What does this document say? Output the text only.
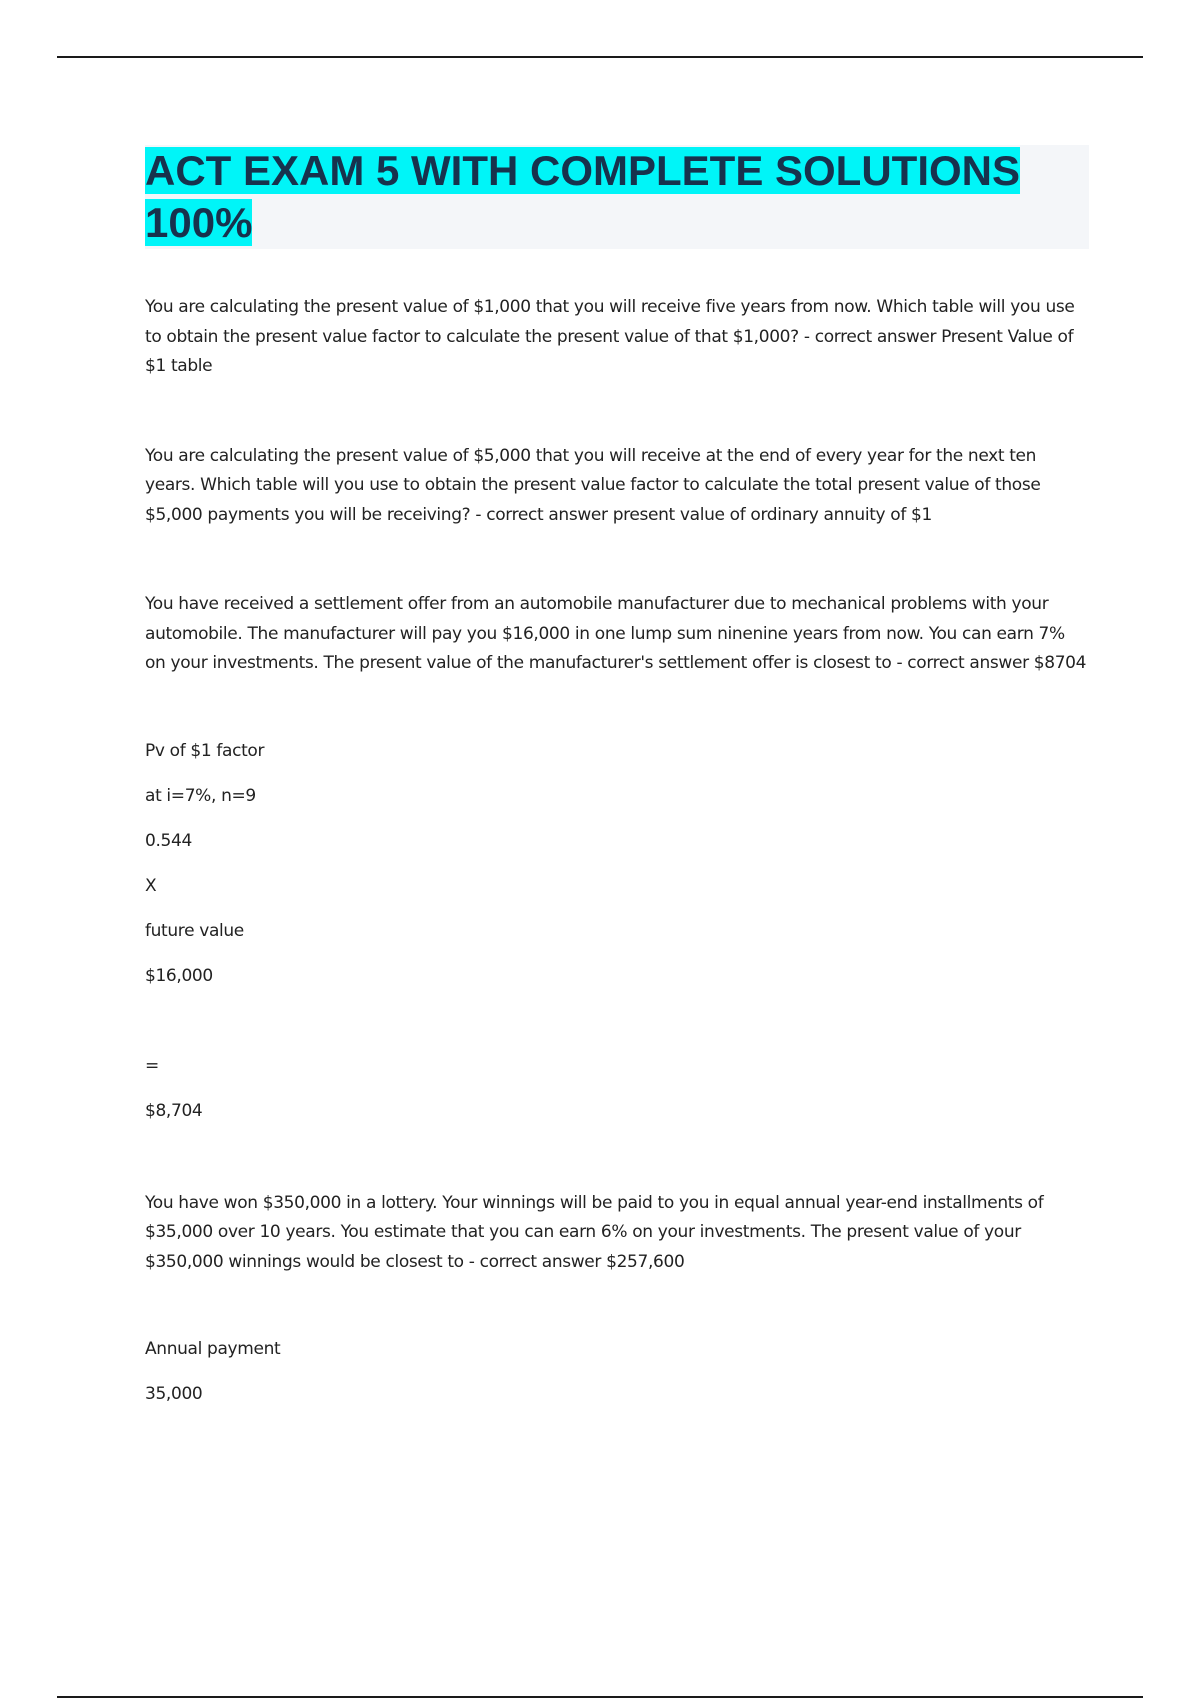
ACT EXAM 5 WITH COMPLETE SOLUTIONS 100%

You are calculating the present value of $1,000 that you will receive five years from now. Which table will you use to obtain the present value factor to calculate the present value of that $1,000? - correct answer Present Value of $1 table

You are calculating the present value of $5,000 that you will receive at the end of every year for the next ten years. Which table will you use to obtain the present value factor to calculate the total present value of those $5,000 payments you will be receiving? - correct answer present value of ordinary annuity of $1

You have received a settlement offer from an automobile manufacturer due to mechanical problems with your automobile. The manufacturer will pay you $16,000 in one lump sum ninenine years from now. You can earn 7% on your investments. The present value of the manufacturer's settlement offer is closest to - correct answer $8704

Pv of $1 factor

at i=7%, n=9

0.544

X

future value

$16,000

=

$8,704

You have won $350,000 in a lottery. Your winnings will be paid to you in equal annual year-end installments of $35,000 over 10 years. You estimate that you can earn 6% on your investments. The present value of your $350,000 winnings would be closest to - correct answer $257,600

Annual payment

35,000
